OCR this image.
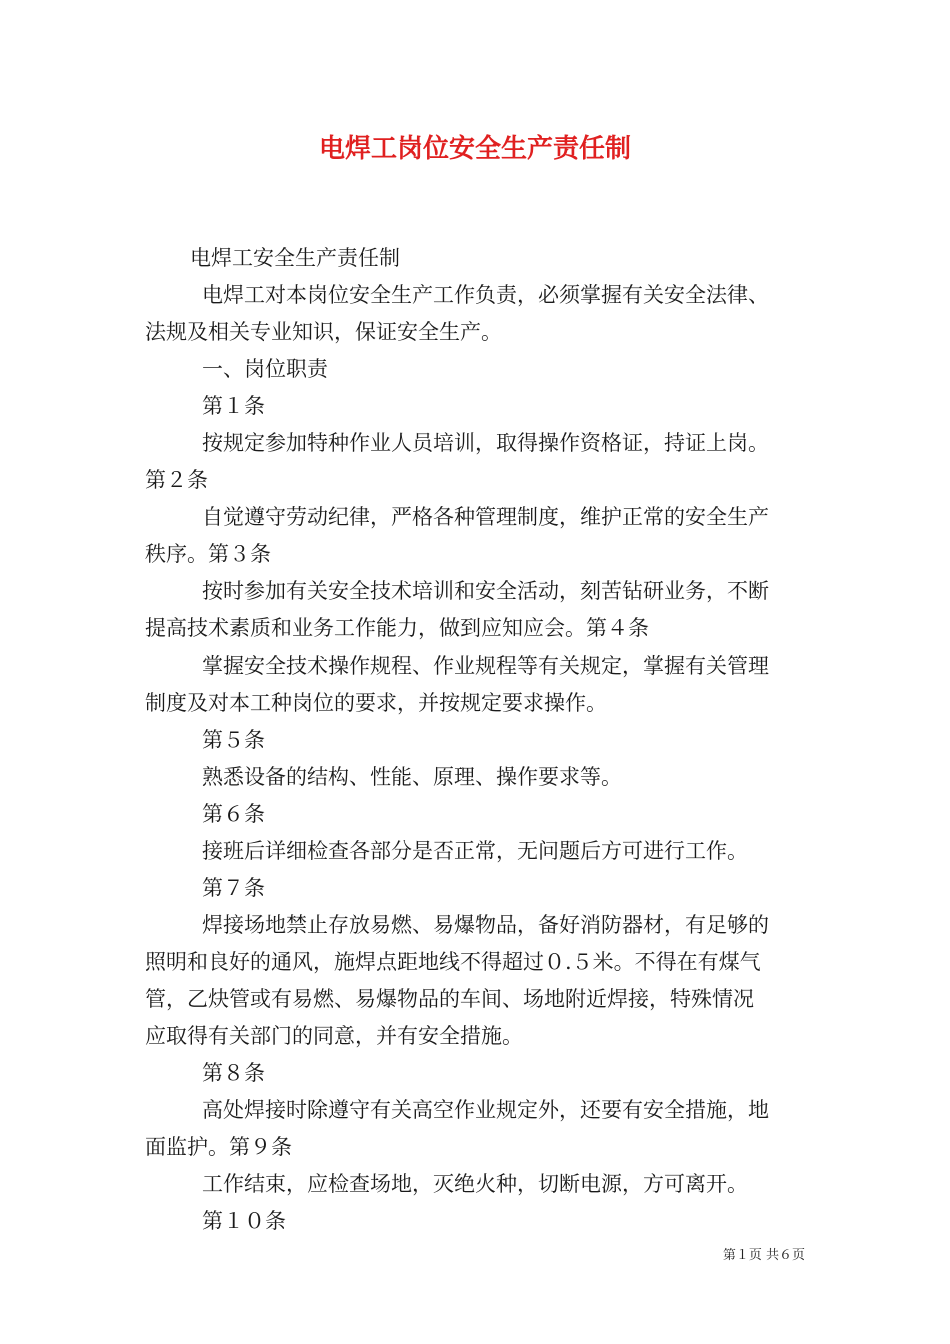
电焊工岗位安全生产责任制
电焊工安全生产责任制
电焊工对本岗位安全生产工作负责，必须掌握有关安全法律、
法规及相关专业知识，保证安全生产。
一、岗位职责
第１条
按规定参加特种作业人员培训，取得操作资格证，持证上岗。
第２条
自觉遵守劳动纪律，严格各种管理制度，维护正常的安全生产
秩序。第３条
按时参加有关安全技术培训和安全活动，刻苦钻研业务，不断
提高技术素质和业务工作能力，做到应知应会。第４条
掌握安全技术操作规程、作业规程等有关规定，掌握有关管理
制度及对本工种岗位的要求，并按规定要求操作。
第５条
熟悉设备的结构、性能、原理、操作要求等。
第６条
接班后详细检查各部分是否正常，无问题后方可进行工作。
第７条
焊接场地禁止存放易燃、易爆物品，备好消防器材，有足够的
照明和良好的通风，施焊点距地线不得超过０.５米。不得在有煤气
管，乙炔管或有易燃、易爆物品的车间、场地附近焊接，特殊情况
应取得有关部门的同意，并有安全措施。
第８条
高处焊接时除遵守有关高空作业规定外，还要有安全措施，地
面监护。第９条
工作结束，应检查场地，灭绝火种，切断电源，方可离开。
第１０条
第１页 共６页
